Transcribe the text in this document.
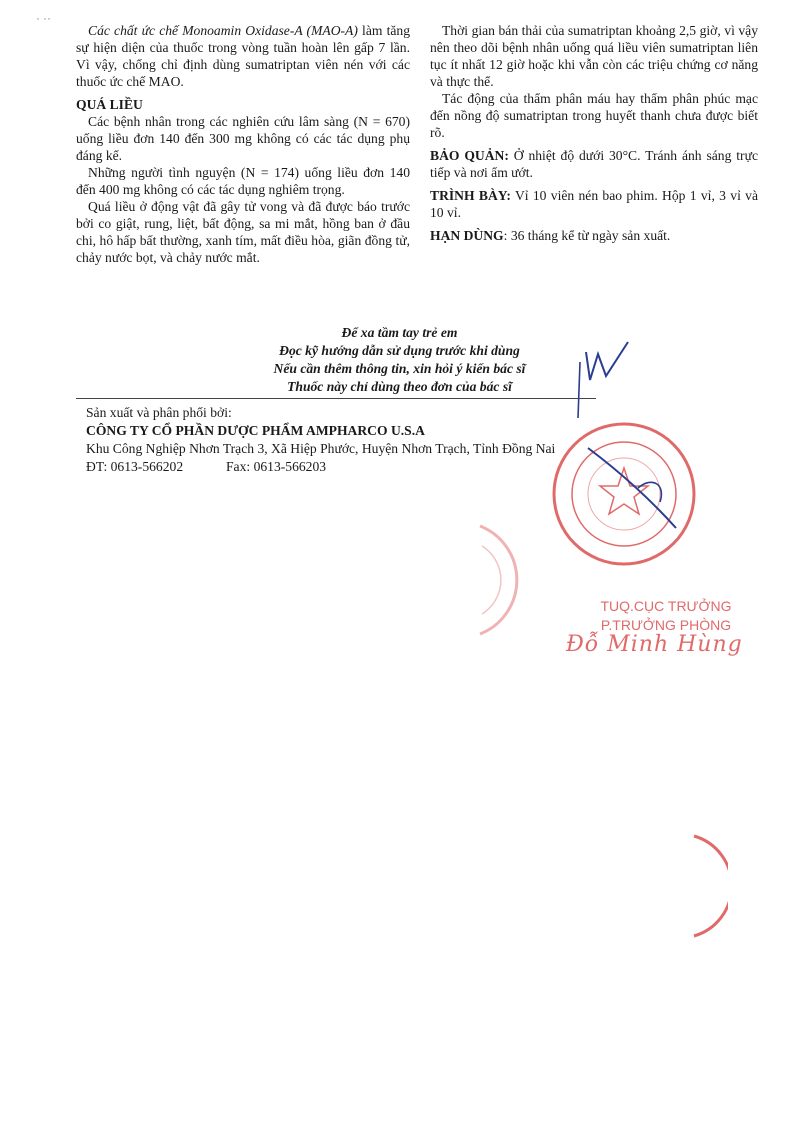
˙ ˙˙

Các chất ức chế Monoamin Oxidase-A (MAO-A) làm tăng sự hiện diện của thuốc trong vòng tuần hoàn lên gấp 7 lần. Vì vậy, chống chỉ định dùng sumatriptan viên nén với các thuốc ức chế MAO.

QUÁ LIỀU

Các bệnh nhân trong các nghiên cứu lâm sàng (N = 670) uống liều đơn 140 đến 300 mg không có các tác dụng phụ đáng kể.

Những người tình nguyện (N = 174) uống liều đơn 140 đến 400 mg không có các tác dụng nghiêm trọng.

Quá liều ở động vật đã gây tử vong và đã được báo trước bởi co giật, rung, liệt, bất động, sa mi mắt, hồng ban ở đầu chi, hô hấp bất thường, xanh tím, mất điều hòa, giãn đồng tử, chảy nước bọt, và chảy nước mắt.

Thời gian bán thải của sumatriptan khoảng 2,5 giờ, vì vậy nên theo dõi bệnh nhân uống quá liều viên sumatriptan liên tục ít nhất 12 giờ hoặc khi vẫn còn các triệu chứng cơ năng và thực thể.

Tác động của thẩm phân máu hay thẩm phân phúc mạc đến nồng độ sumatriptan trong huyết thanh chưa được biết rõ.

BẢO QUẢN: Ở nhiệt độ dưới 30°C. Tránh ánh sáng trực tiếp và nơi ẩm ướt.

TRÌNH BÀY: Vỉ 10 viên nén bao phim. Hộp 1 vỉ, 3 vỉ và 10 vỉ.

HẠN DÙNG: 36 tháng kể từ ngày sản xuất.

Để xa tầm tay trẻ em
Đọc kỹ hướng dẫn sử dụng trước khi dùng
Nếu cần thêm thông tin, xin hỏi ý kiến bác sĩ
Thuốc này chỉ dùng theo đơn của bác sĩ
Sản xuất và phân phối bởi:
CÔNG TY CỔ PHẦN DƯỢC PHẨM AMPHARCO U.S.A
Khu Công Nghiệp Nhơn Trạch 3, Xã Hiệp Phước, Huyện Nhơn Trạch, Tỉnh Đồng Nai
ĐT: 0613-566202	Fax: 0613-566203
TUQ.CỤC TRƯỞNG
P.TRƯỞNG PHÒNG
Đỗ Minh Hùng
